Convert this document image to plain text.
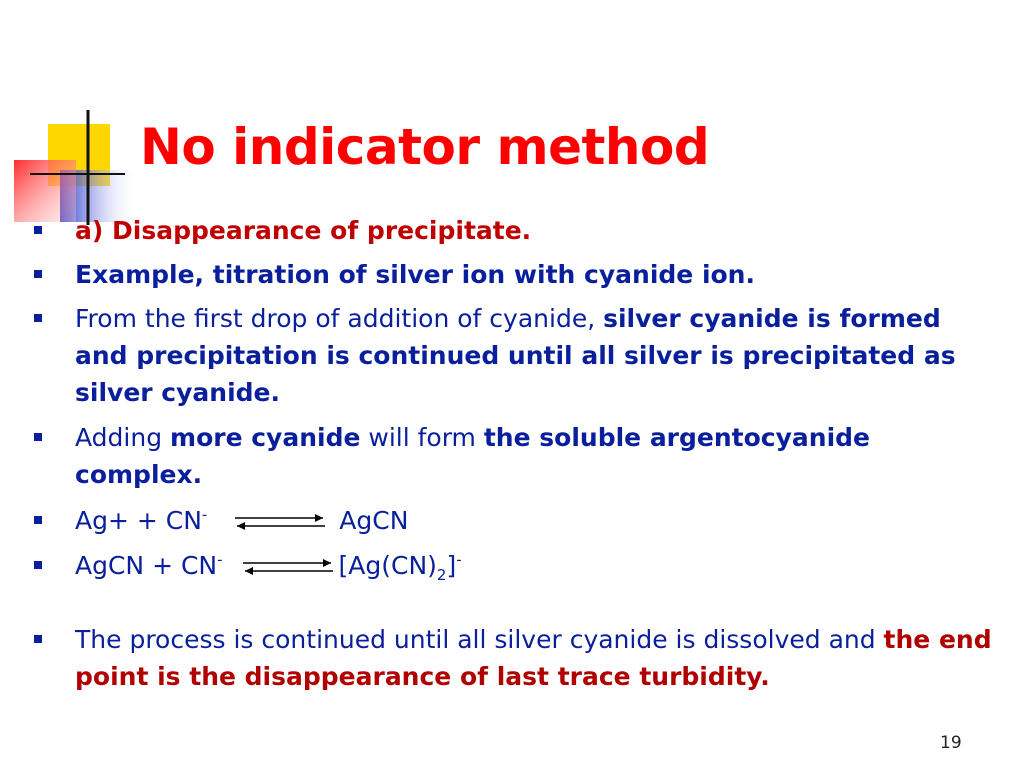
No indicator method
a) Disappearance of precipitate.
Example, titration of silver ion with cyanide ion.
From the first drop of addition of cyanide, silver cyanide is formed and precipitation is continued until all silver is precipitated as silver cyanide.
Adding more cyanide will form the soluble argentocyanide complex.
Ag+ + CN- ⇌ AgCN
AgCN + CN- ⇌ $[Ag(CN)_2]^-$
The process is continued until all silver cyanide is dissolved and the end point is the disappearance of last trace turbidity.
19
